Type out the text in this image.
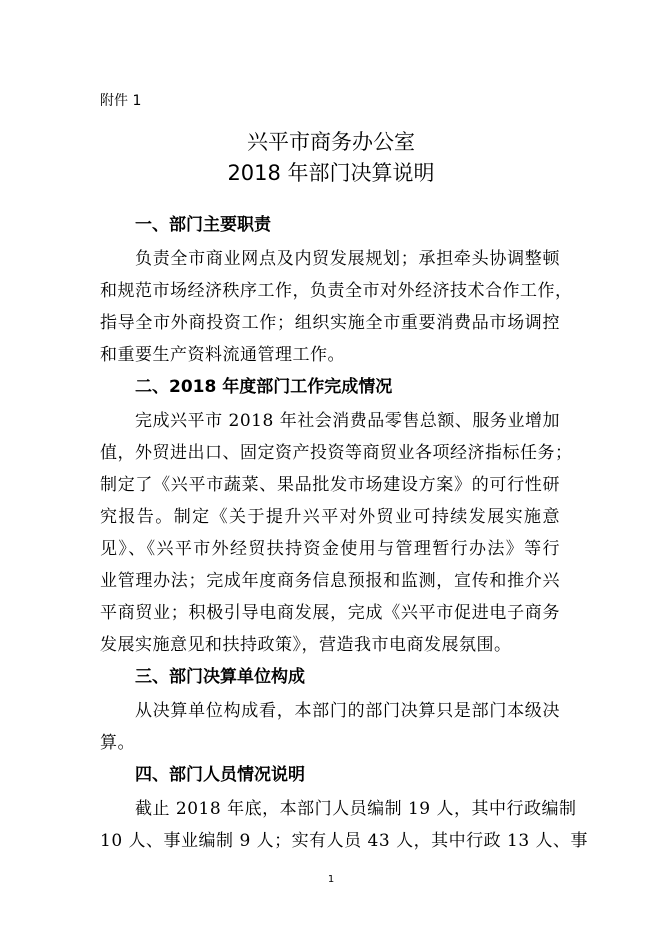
附件 1
兴平市商务办公室
2018 年部门决算说明
一、部门主要职责
负责全市商业网点及内贸发展规划；承担牵头协调整顿
和规范市场经济秩序工作，负责全市对外经济技术合作工作，
指导全市外商投资工作；组织实施全市重要消费品市场调控
和重要生产资料流通管理工作。
二、2018 年度部门工作完成情况
完成兴平市 2018 年社会消费品零售总额、服务业增加
值，外贸进出口、固定资产投资等商贸业各项经济指标任务；
制定了《兴平市蔬菜、果品批发市场建设方案》的可行性研
究报告。制定《关于提升兴平对外贸业可持续发展实施意
见》、《兴平市外经贸扶持资金使用与管理暂行办法》等行
业管理办法；完成年度商务信息预报和监测，宣传和推介兴
平商贸业；积极引导电商发展，完成《兴平市促进电子商务
发展实施意见和扶持政策》，营造我市电商发展氛围。
三、部门决算单位构成
从决算单位构成看，本部门的部门决算只是部门本级决
算。
四、部门人员情况说明
截止 2018 年底，本部门人员编制 19 人，其中行政编制
10 人、事业编制 9 人；实有人员 43 人，其中行政 13 人、事
1
